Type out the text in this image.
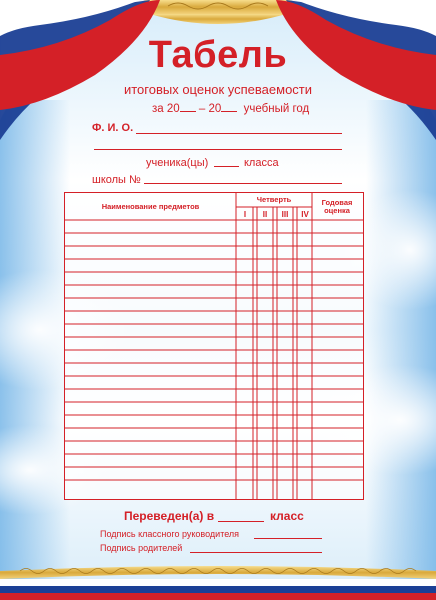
Табель
итоговых оценок успеваемости
за 20 – 20 учебный год
Ф. И. О.
ученика(цы)	класса
школы №
Наименование предметов
Четверть
I	II	III	IV
Годовая оценка
Переведен(а) в	класс
Подпись классного руководителя
Подпись родителей
